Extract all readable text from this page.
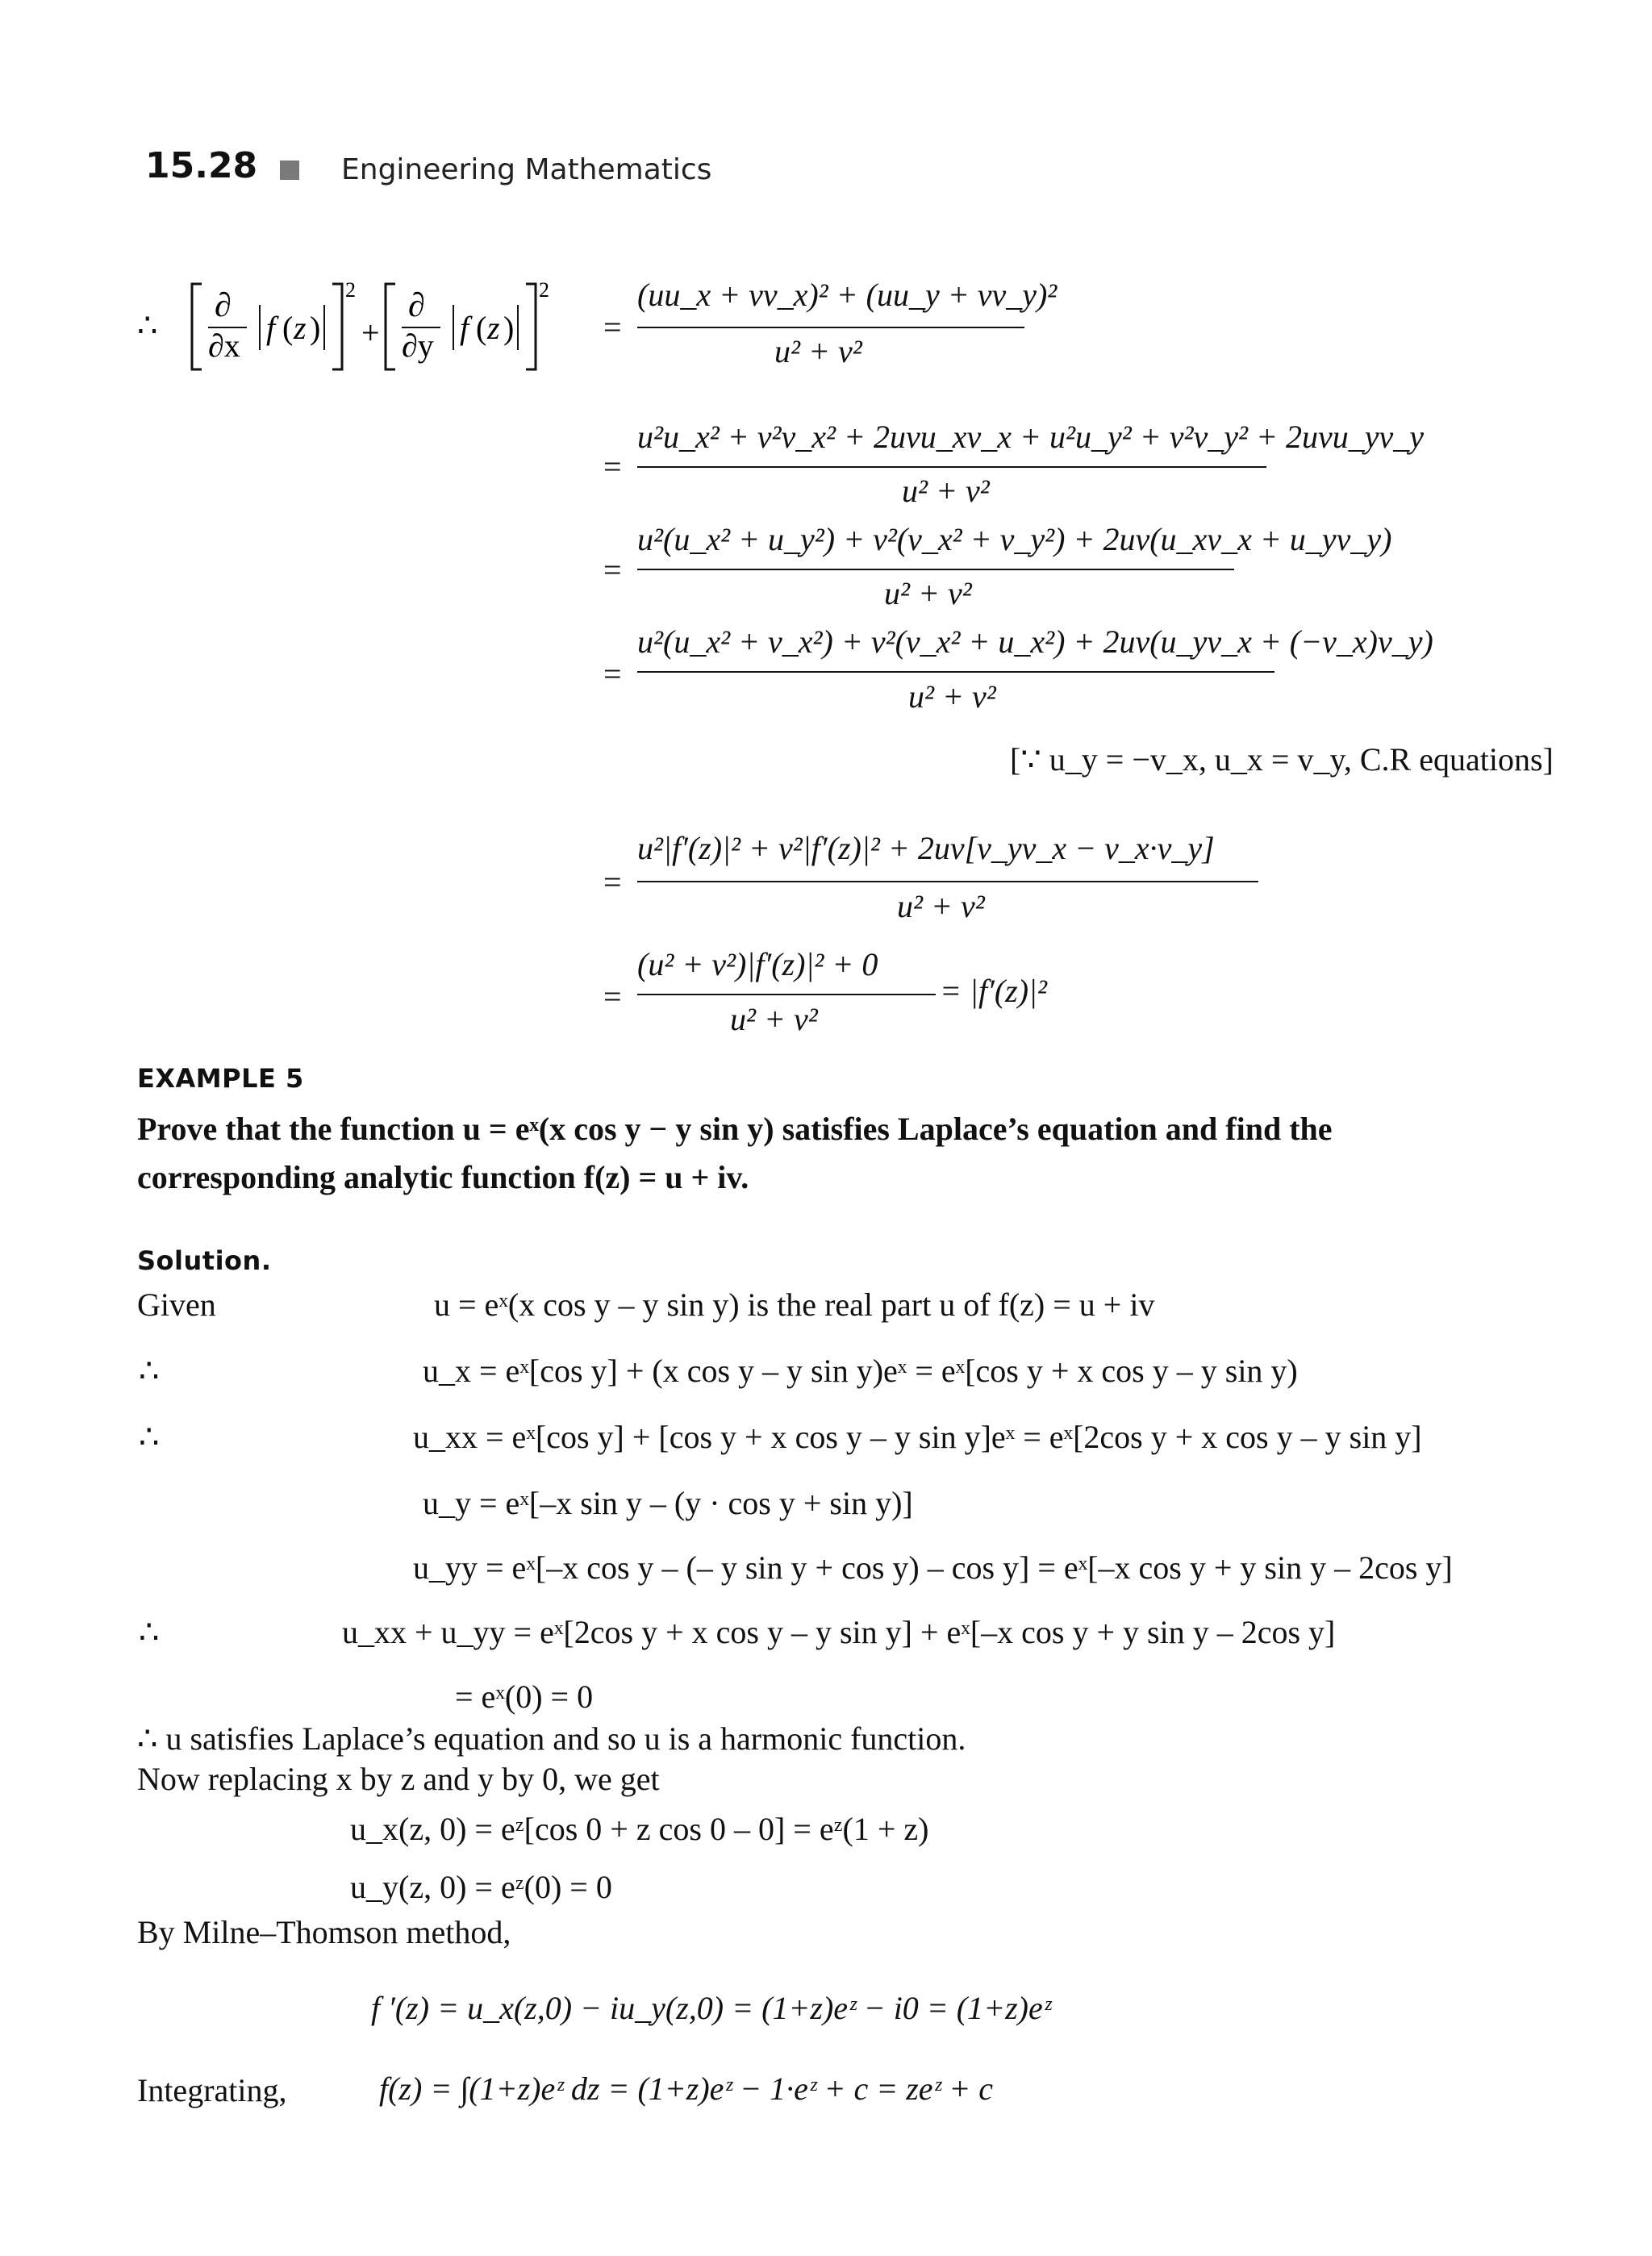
15.28	Engineering Mathematics
∴
∂
∂x f ( z )
2
+
∂
∂y f ( z )
2
=
(uu_x + vv_x)² + (uu_y + vv_y)²
u² + v²
=
u²u_x² + v²v_x² + 2uvu_xv_x + u²u_y² + v²v_y² + 2uvu_yv_y
u² + v²
=
u²(u_x² + u_y²) + v²(v_x² + v_y²) + 2uv(u_xv_x + u_yv_y)
u² + v²
=
u²(u_x² + v_x²) + v²(v_x² + u_x²) + 2uv(u_yv_x + (−v_x)v_y)
u² + v²
[∵ u_y = −v_x, u_x = v_y, C.R equations]
=
u²|f′(z)|² + v²|f′(z)|² + 2uv[v_yv_x − v_x·v_y]
u² + v²
=
(u² + v²)|f′(z)|² + 0
u² + v²
= |f′(z)|²
EXAMPLE 5
Prove that the function u = eˣ(x cos y − y sin y) satisfies Laplace’s equation and find the
corresponding analytic function f(z) = u + iv.
Solution.
Given	u = eˣ(x cos y – y sin y) is the real part u of f(z) = u + iv
∴	u_x = eˣ[cos y] + (x cos y – y sin y)eˣ = eˣ[cos y + x cos y – y sin y)
∴	u_xx = eˣ[cos y] + [cos y + x cos y – y sin y]eˣ = eˣ[2cos y + x cos y – y sin y]
u_y = eˣ[–x sin y – (y · cos y + sin y)]
u_yy = eˣ[–x cos y – (– y sin y + cos y) – cos y] = eˣ[–x cos y + y sin y – 2cos y]
∴	u_xx + u_yy = eˣ[2cos y + x cos y – y sin y] + eˣ[–x cos y + y sin y – 2cos y]
= eˣ(0) = 0
∴ u satisfies Laplace’s equation and so u is a harmonic function.
Now replacing x by z and y by 0, we get
u_x(z, 0) = eᶻ[cos 0 + z cos 0 – 0] = eᶻ(1 + z)
u_y(z, 0) = eᶻ(0) = 0
By Milne–Thomson method,
f ′(z) = u_x(z,0) − iu_y(z,0) = (1+z)eᶻ − i0 = (1+z)eᶻ
Integrating,	f(z) = ∫(1+z)eᶻ dz = (1+z)eᶻ − 1·eᶻ + c = zeᶻ + c
